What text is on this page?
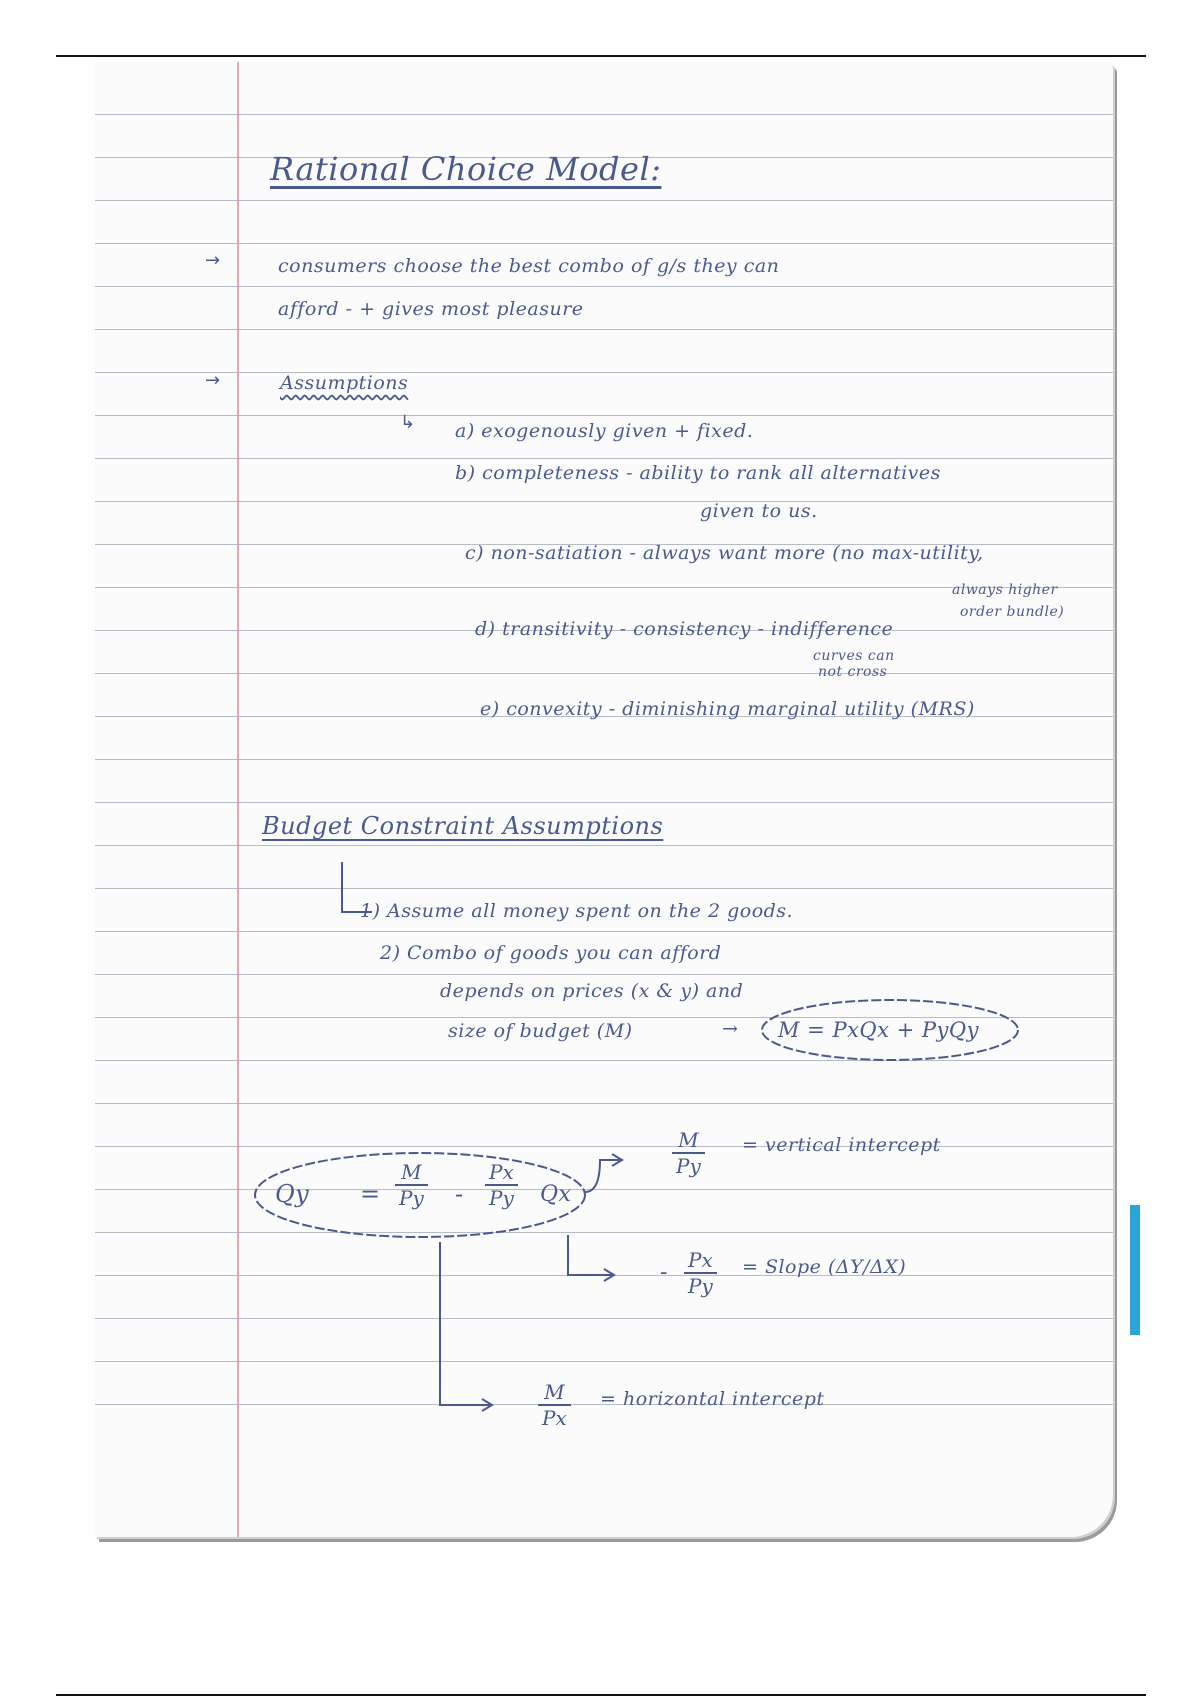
Rational Choice Model:
→	consumers choose the best combo of g/s they can
afford - + gives most pleasure
→	Assumptions
↳ a) exogenously given + fixed.
b) completeness - ability to rank all alternatives
given to us.
c) non-satiation - always want more (no max-utility,
always higher
order bundle)
d) transitivity - consistency - indifference
curves can
not cross
e) convexity - diminishing marginal utility (MRS)
Budget Constraint Assumptions
1) Assume all money spent on the 2 goods.
2) Combo of goods you can afford
depends on prices (x & y) and
size of budget (M)	→ M = PxQx + PyQy
$Qy = \frac{M}{Py} - \frac{Px}{Py}$ Qx
$\frac{M}{Py}$ = vertical intercept
- $\frac{Px}{Py}$ = Slope (ΔY/ΔX)
$\frac{M}{Px}$ = horizontal intercept
